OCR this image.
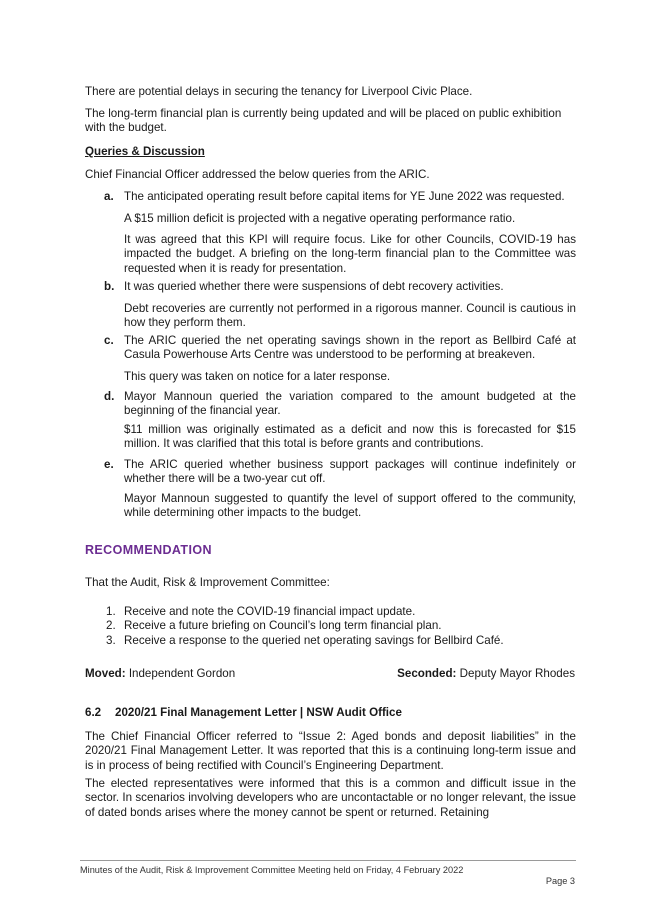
There are potential delays in securing the tenancy for Liverpool Civic Place.

The long-term financial plan is currently being updated and will be placed on public exhibition with the budget.

Queries & Discussion

Chief Financial Officer addressed the below queries from the ARIC.

a. The anticipated operating result before capital items for YE June 2022 was requested.

A $15 million deficit is projected with a negative operating performance ratio.

It was agreed that this KPI will require focus. Like for other Councils, COVID-19 has impacted the budget. A briefing on the long-term financial plan to the Committee was requested when it is ready for presentation.

b. It was queried whether there were suspensions of debt recovery activities.

Debt recoveries are currently not performed in a rigorous manner. Council is cautious in how they perform them.

c. The ARIC queried the net operating savings shown in the report as Bellbird Café at Casula Powerhouse Arts Centre was understood to be performing at breakeven.

This query was taken on notice for a later response.

d. Mayor Mannoun queried the variation compared to the amount budgeted at the beginning of the financial year.

$11 million was originally estimated as a deficit and now this is forecasted for $15 million. It was clarified that this total is before grants and contributions.

e. The ARIC queried whether business support packages will continue indefinitely or whether there will be a two-year cut off.

Mayor Mannoun suggested to quantify the level of support offered to the community, while determining other impacts to the budget.

RECOMMENDATION

That the Audit, Risk & Improvement Committee:

1. Receive and note the COVID-19 financial impact update.
2. Receive a future briefing on Council’s long term financial plan.
3. Receive a response to the queried net operating savings for Bellbird Café.
Moved: Independent Gordon	Seconded: Deputy Mayor Rhodes
6.2 2020/21 Final Management Letter | NSW Audit Office

The Chief Financial Officer referred to “Issue 2: Aged bonds and deposit liabilities” in the 2020/21 Final Management Letter. It was reported that this is a continuing long-term issue and is in process of being rectified with Council’s Engineering Department.

The elected representatives were informed that this is a common and difficult issue in the sector. In scenarios involving developers who are uncontactable or no longer relevant, the issue of dated bonds arises where the money cannot be spent or returned. Retaining

Minutes of the Audit, Risk & Improvement Committee Meeting held on Friday, 4 February 2022
Page 3
